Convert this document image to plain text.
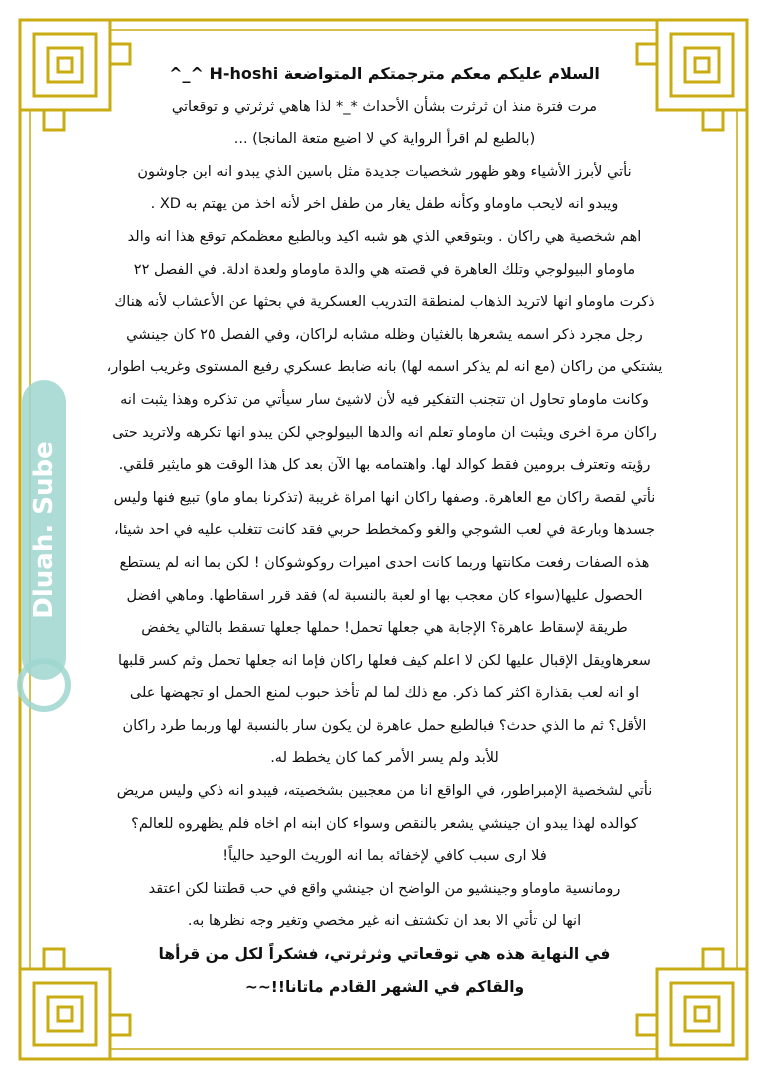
Dluah. Sube
السلام عليكم معكم مترجمتكم المتواضعة H-hoshi ^_^
مرت فترة منذ ان ثرثرت بشأن الأحداث *_* لذا هاهي ثرثرتي و توقعاتي
(بالطبع لم اقرأ الرواية كي لا اضيع متعة المانجا) ...
نأتي لأبرز الأشياء وهو ظهور شخصيات جديدة مثل باسين الذي يبدو انه ابن جاوشون
ويبدو انه لايحب ماوماو وكأنه طفل يغار من طفل اخر لأنه اخذ من يهتم به XD .
اهم شخصية هي راكان . وبتوقعي الذي هو شبه اكيد وبالطبع معظمكم توقع هذا انه والد
ماوماو البيولوجي وتلك العاهرة في قصته هي والدة ماوماو ولعدة ادلة. في الفصل ٢٢
ذكرت ماوماو انها لاتريد الذهاب لمنطقة التدريب العسكرية في بحثها عن الأعشاب لأنه هناك
رجل مجرد ذكر اسمه يشعرها بالغثيان وظله مشابه لراكان، وفي الفصل ٢٥ كان جينشي
يشتكي من راكان (مع انه لم يذكر اسمه لها) بانه ضابط عسكري رفيع المستوى وغريب اطوار،
وكانت ماوماو تحاول ان تتجنب التفكير فيه لأن لاشيئ سار سيأتي من تذكره وهذا يثبت انه
راكان مرة اخرى ويثبت ان ماوماو تعلم انه والدها البيولوجي لكن يبدو انها تكرهه ولاتريد حتى
رؤيته وتعترف برومين فقط كوالد لها. واهتمامه بها الآن بعد كل هذا الوقت هو مايثير قلقي.
نأتي لقصة راكان مع العاهرة. وصفها راكان انها امراة غريبة (تذكرنا بماو ماو) تبيع فنها وليس
جسدها وبارعة في لعب الشوجي والغو وكمخطط حربي فقد كانت تتغلب عليه في احد شيئا،
هذه الصفات رفعت مكانتها وربما كانت احدى اميرات روكوشوكان ! لكن بما انه لم يستطع
الحصول عليها(سواء كان معجب بها او لعبة بالنسبة له) فقد قرر اسقاطها. وماهي افضل
طريقة لإسقاط عاهرة؟ الإجابة هي جعلها تحمل! حملها جعلها تسقط بالتالي يخفض
سعرهاويقل الإقبال عليها لكن لا اعلم كيف فعلها راكان فإما انه جعلها تحمل وثم كسر قلبها
او انه لعب بقذارة اكثر كما ذكر. مع ذلك لما لم تأخذ حبوب لمنع الحمل او تجهضها على
الأقل؟ ثم ما الذي حدث؟ فبالطبع حمل عاهرة لن يكون سار بالنسبة لها وربما طرد راكان
للأبد ولم يسر الأمر كما كان يخطط له.
نأتي لشخصية الإمبراطور، في الواقع انا من معجبين بشخصيته، فيبدو انه ذكي وليس مريض
كوالده لهذا يبدو ان جينشي يشعر بالنقص وسواء كان ابنه ام اخاه فلم يظهروه للعالم؟
فلا ارى سبب كافي لإخفائه بما انه الوريث الوحيد حالياً!
رومانسية ماوماو وجينشيو من الواضح ان جينشي واقع في حب قطتنا لكن اعتقد
انها لن تأتي الا بعد ان تكشتف انه غير مخصي وتغير وجه نظرها به.
في النهاية هذه هي توقعاتي وثرثرتي، فشكراً لكل من قرأها
والقاكم في الشهر القادم ماتانا!!~~
